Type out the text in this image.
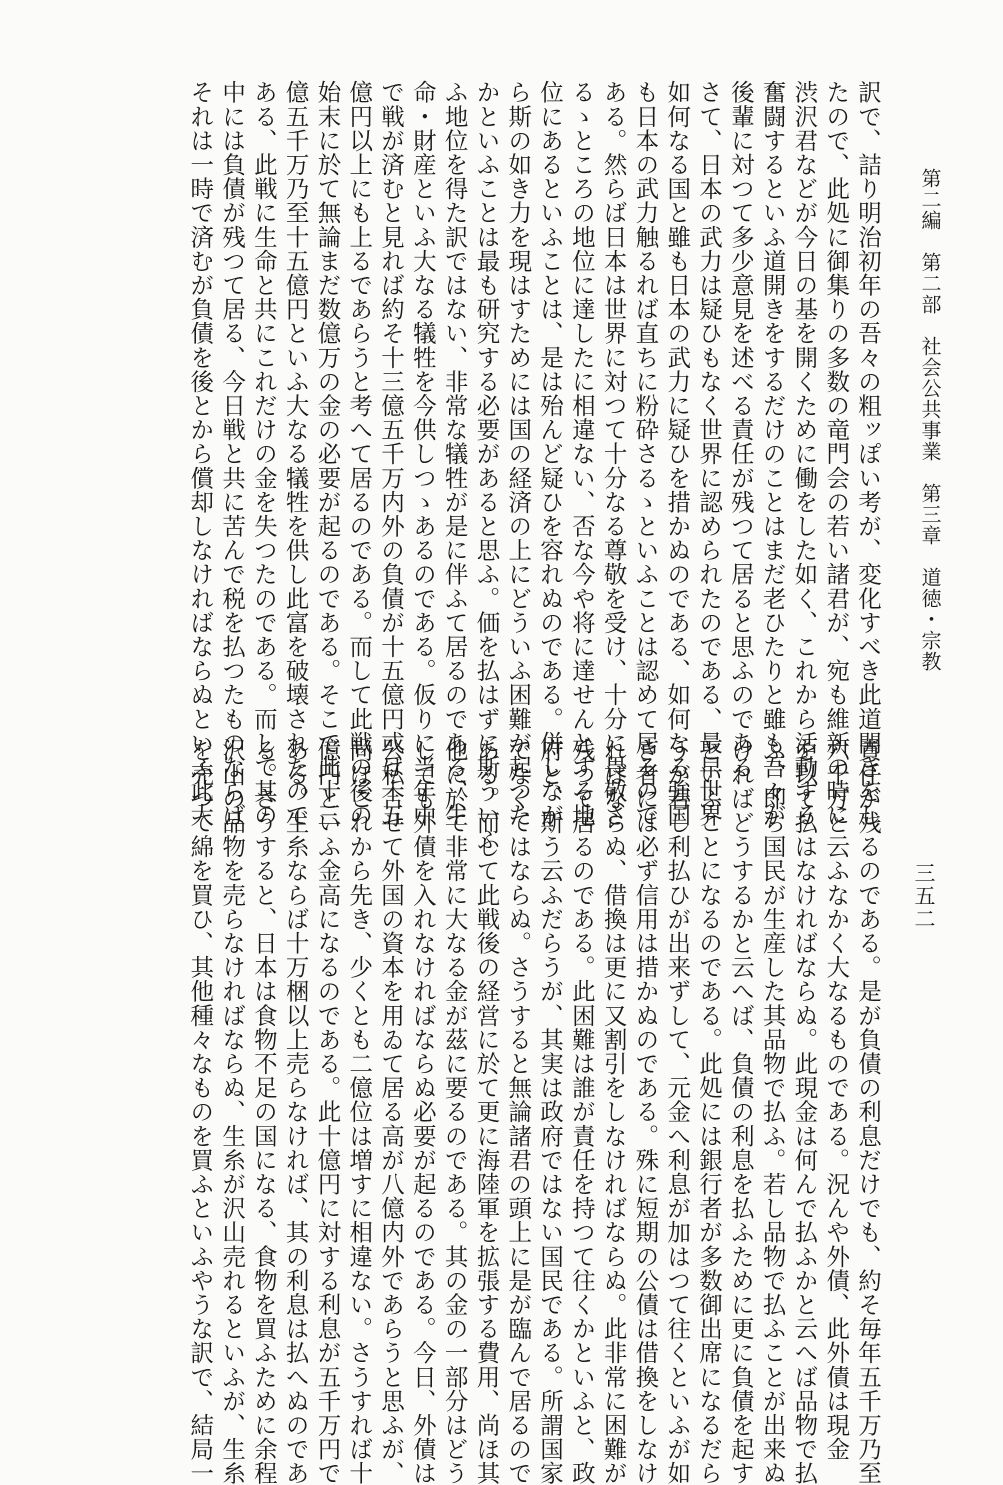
第二編　第二部　社会公共事業　第三章　道徳・宗教
三五二
訳で、詰り明治初年の吾々の粗ッぽい考が、変化すべき此道開きをし
たので、此処に御集りの多数の竜門会の若い諸君が、宛も維新の時に
渋沢君などが今日の基を開くために働をした如く、これから活動する
奮闘するといふ道開きをするだけのことはまだ老ひたりと雖も吾々が
後輩に対つて多少意見を述べる責任が残つて居ると思ふのである
さて、日本の武力は疑ひもなく世界に認められたのである、最早世界
如何なる国と雖も日本の武力に疑ひを措かぬのである、如何なる強国
も日本の武力触るれば直ちに粉砕さるゝといふことは認めて居るので
ある。然らば日本は世界に対つて十分なる尊敬を受け、十分に畏敬さ
るゝところの地位に達したに相違ない、否な今や将に達せんとする地
位にあるといふことは、是は殆んど疑ひを容れぬのである。併しなが
ら斯の如き力を現はすためには国の経済の上にどういふ困難が起つた
かといふことは最も研究する必要があると思ふ。価を払はずに斯ういふ
ふ地位を得た訳ではない、非常な犠牲が是に伴ふて居るのである、生
命・財産といふ大なる犠牲を今供しつゝあるのである。仮りに当年中
で戦が済むと見れば約そ十三億五千万内外の負債が十五億円或は十五
億円以上にも上るであらうと考へて居るのである。而して此戦の後の
始末に於て無論まだ数億万の金の必要が起るのである。そこで此十三
億五千万乃至十五億円といふ大なる犠牲を供し此富を破壊されたので
ある、此戦に生命と共にこれだけの金を失つたのである。而して其の
中には負債が残つて居る、今日戦と共に苦んで税を払つたものならば
それは一時で済むが負債を後とから償却しなければならぬといふ此大
責任が残るのである。是が負債の利息だけでも、約そ毎年五千万乃至
六千万と云ふなかく大なるものである。況んや外債、此外債は現金
を以て払はなければならぬ。此現金は何んで払ふかと云へば品物で払
ふ、即ち国民が生産した其品物で払ふ。若し品物で払ふことが出来ぬ
ければどうするかと云へば、負債の利息を払ふために更に負債を起す
といふことになるのである。此処には銀行者が多数御出席になるだら
うが若し利払ひが出来ずして、元金へ利息が加はつて往くといふが如
き者には必ず信用は措かぬのである。殊に短期の公債は借換をしなけ
ればならぬ、借換は更に又割引をしなければならぬ。此非常に困難が
残つて居るのである。此困難は誰が責任を持つて往くかといふと、政
府と、斯う云ふだらうが、其実は政府ではない国民である。所謂国家
でなくてはならぬ。さうすると無論諸君の頭上に是が臨んで居るので
ある。而して此戦後の経営に於て更に海陸軍を拡張する費用、尚ほ其
他に於て非常に大なる金が茲に要るのである。其の金の一部分はどう
しても外債を入れなければならぬ必要が起るのである。今日、外債は
公私合せて外国の資本を用ゐて居る高が八億内外であらうと思ふが、
尚ほこれから先き、少くとも二億位は増すに相違ない。さうすれば十
億円といふ金高になるのである。此十億円に対する利息が五千万円で
ある。生糸ならば十万梱以上売らなければ、其の利息は払へぬのであ
る。さうすると、日本は食物不足の国になる、食物を買ふために余程
沢山の品物を売らなければならぬ、生糸が沢山売れるといふが、生糸
を売つて綿を買ひ、其他種々なものを買ふといふやうな訳で、結局一
